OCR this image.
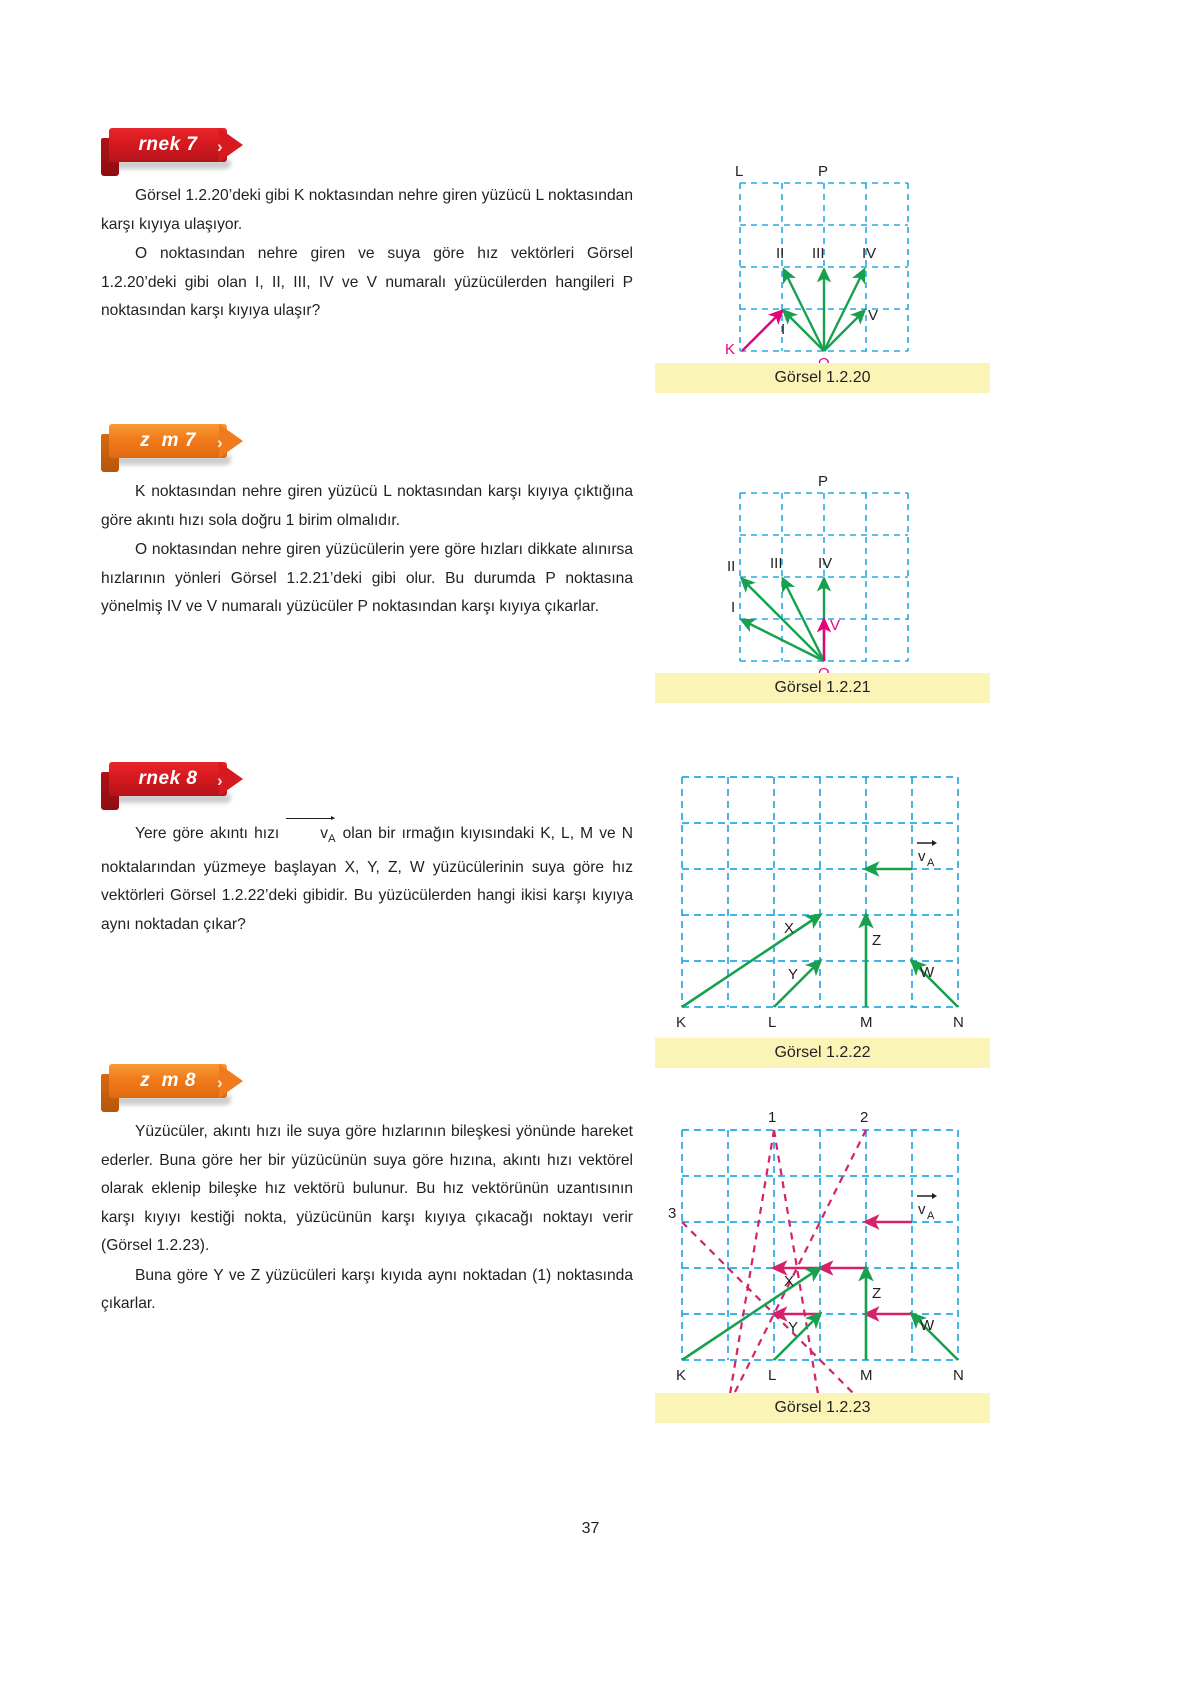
rnek 7	›

Görsel 1.2.20’deki gibi K noktasından nehre giren yüzücü L noktasından karşı kıyıya ulaşıyor.

O noktasından nehre giren ve suya göre hız vektörleri Görsel 1.2.20’deki gibi olan I, II, III, IV ve V numaralı yüzücülerden hangileri P noktasından karşı kıyıya ulaşır?

L	P
II III IV
I
V
K
Görsel 1.2.20
z  m 7	›

K noktasından nehre giren yüzücü L noktasından karşı kıyıya çıktığına göre akıntı hızı sola doğru 1 birim olmalıdır.

O noktasından nehre giren yüzücülerin yere göre hızları dikkate alınırsa hızlarının yönleri Görsel 1.2.21’deki gibi olur. Bu durumda P noktasına yönelmiş IV ve V numaralı yüzücüler P noktasından karşı kıyıya çıkarlar.

P
II III IV
I
V
Görsel 1.2.21
rnek 8	›

Yere göre akıntı hızı
$v_A$ olan bir ırmağın kıyısındaki K, L, M ve N noktalarından yüzmeye başlayan X, Y, Z, W yüzücülerinin suya göre hız vektörleri Görsel 1.2.22’deki gibidir. Bu yüzücülerden hangi ikisi karşı kıyıya aynı noktadan çıkar?

v A
X
Y
Z
W
K	L	M	N
Görsel 1.2.22
z  m 8	›

Yüzücüler, akıntı hızı ile suya göre hızlarının bileşkesi yönünde hareket ederler. Buna göre her bir yüzücünün suya göre hızına, akıntı hızı vektörel olarak eklenip bileşke hız vektörü bulunur. Bu hız vektörünün uzantısının karşı kıyıyı kestiği nokta, yüzücünün karşı kıyıya çıkacağı noktayı verir (Görsel 1.2.23).

Buna göre Y ve Z yüzücüleri karşı kıyıda aynı noktadan (1) noktasında çıkarlar.

v A
1	2
3
X
Y
Z
W
K	L	M	N
Görsel 1.2.23
37
